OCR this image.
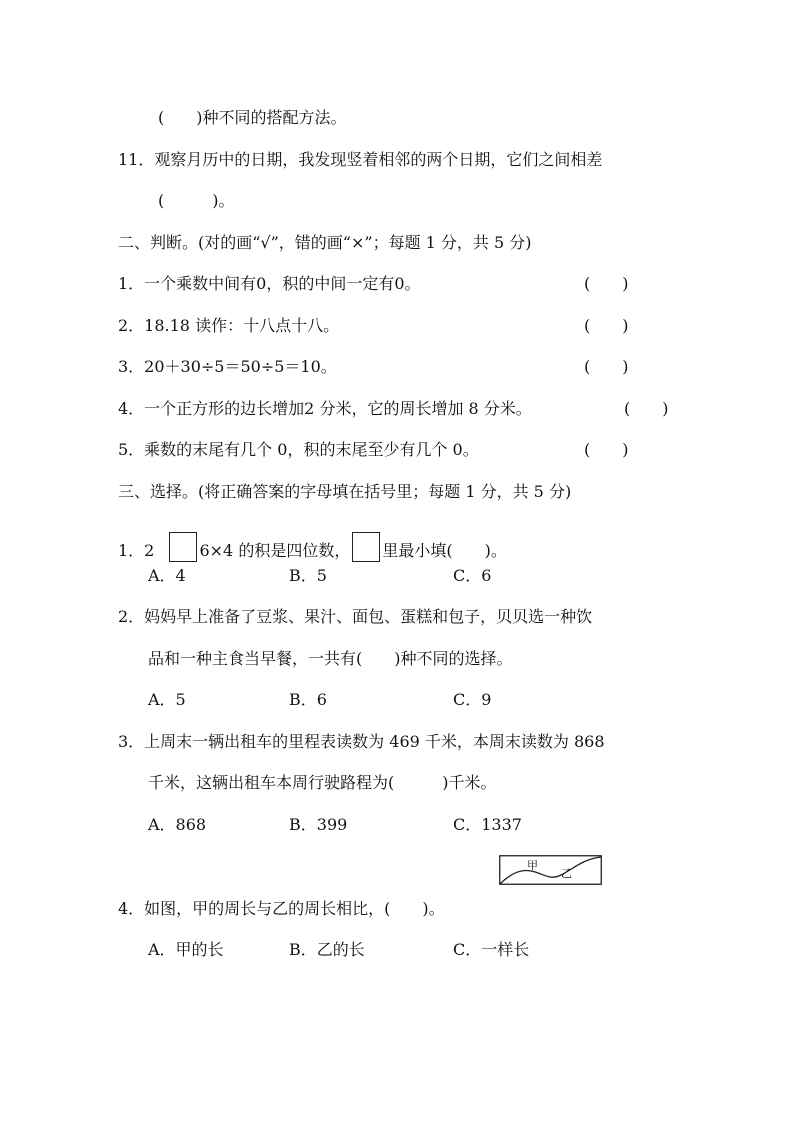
(　　)种不同的搭配方法。
11．观察月历中的日期，我发现竖着相邻的两个日期，它们之间相差
(　　　)。
二、判断。(对的画“√”，错的画“×”；每题 1 分，共 5 分)
1．一个乘数中间有0，积的中间一定有0。	(　　)
2．18.18 读作：十八点十八。	(　　)
3．20＋30÷5＝50÷5＝10。	(　　)
4．一个正方形的边长增加2 分米，它的周长增加 8 分米。	(　　)
5．乘数的末尾有几个 0，积的末尾至少有几个 0。	(　　)
三、选择。(将正确答案的字母填在括号里；每题 1 分，共 5 分)
1．2	6×4 的积是四位数， 里最小填(　　)。
A．4	B．5	C．6
2．妈妈早上准备了豆浆、果汁、面包、蛋糕和包子，贝贝选一种饮
品和一种主食当早餐，一共有(　　)种不同的选择。
A．5	B．6	C．9
3．上周末一辆出租车的里程表读数为 469 千米，本周末读数为 868
千米，这辆出租车本周行驶路程为(　　　)千米。
A．868	B．399	C．1337
4．如图，甲的周长与乙的周长相比，(　　)。
甲
乙
A．甲的长	B．乙的长	C．一样长
